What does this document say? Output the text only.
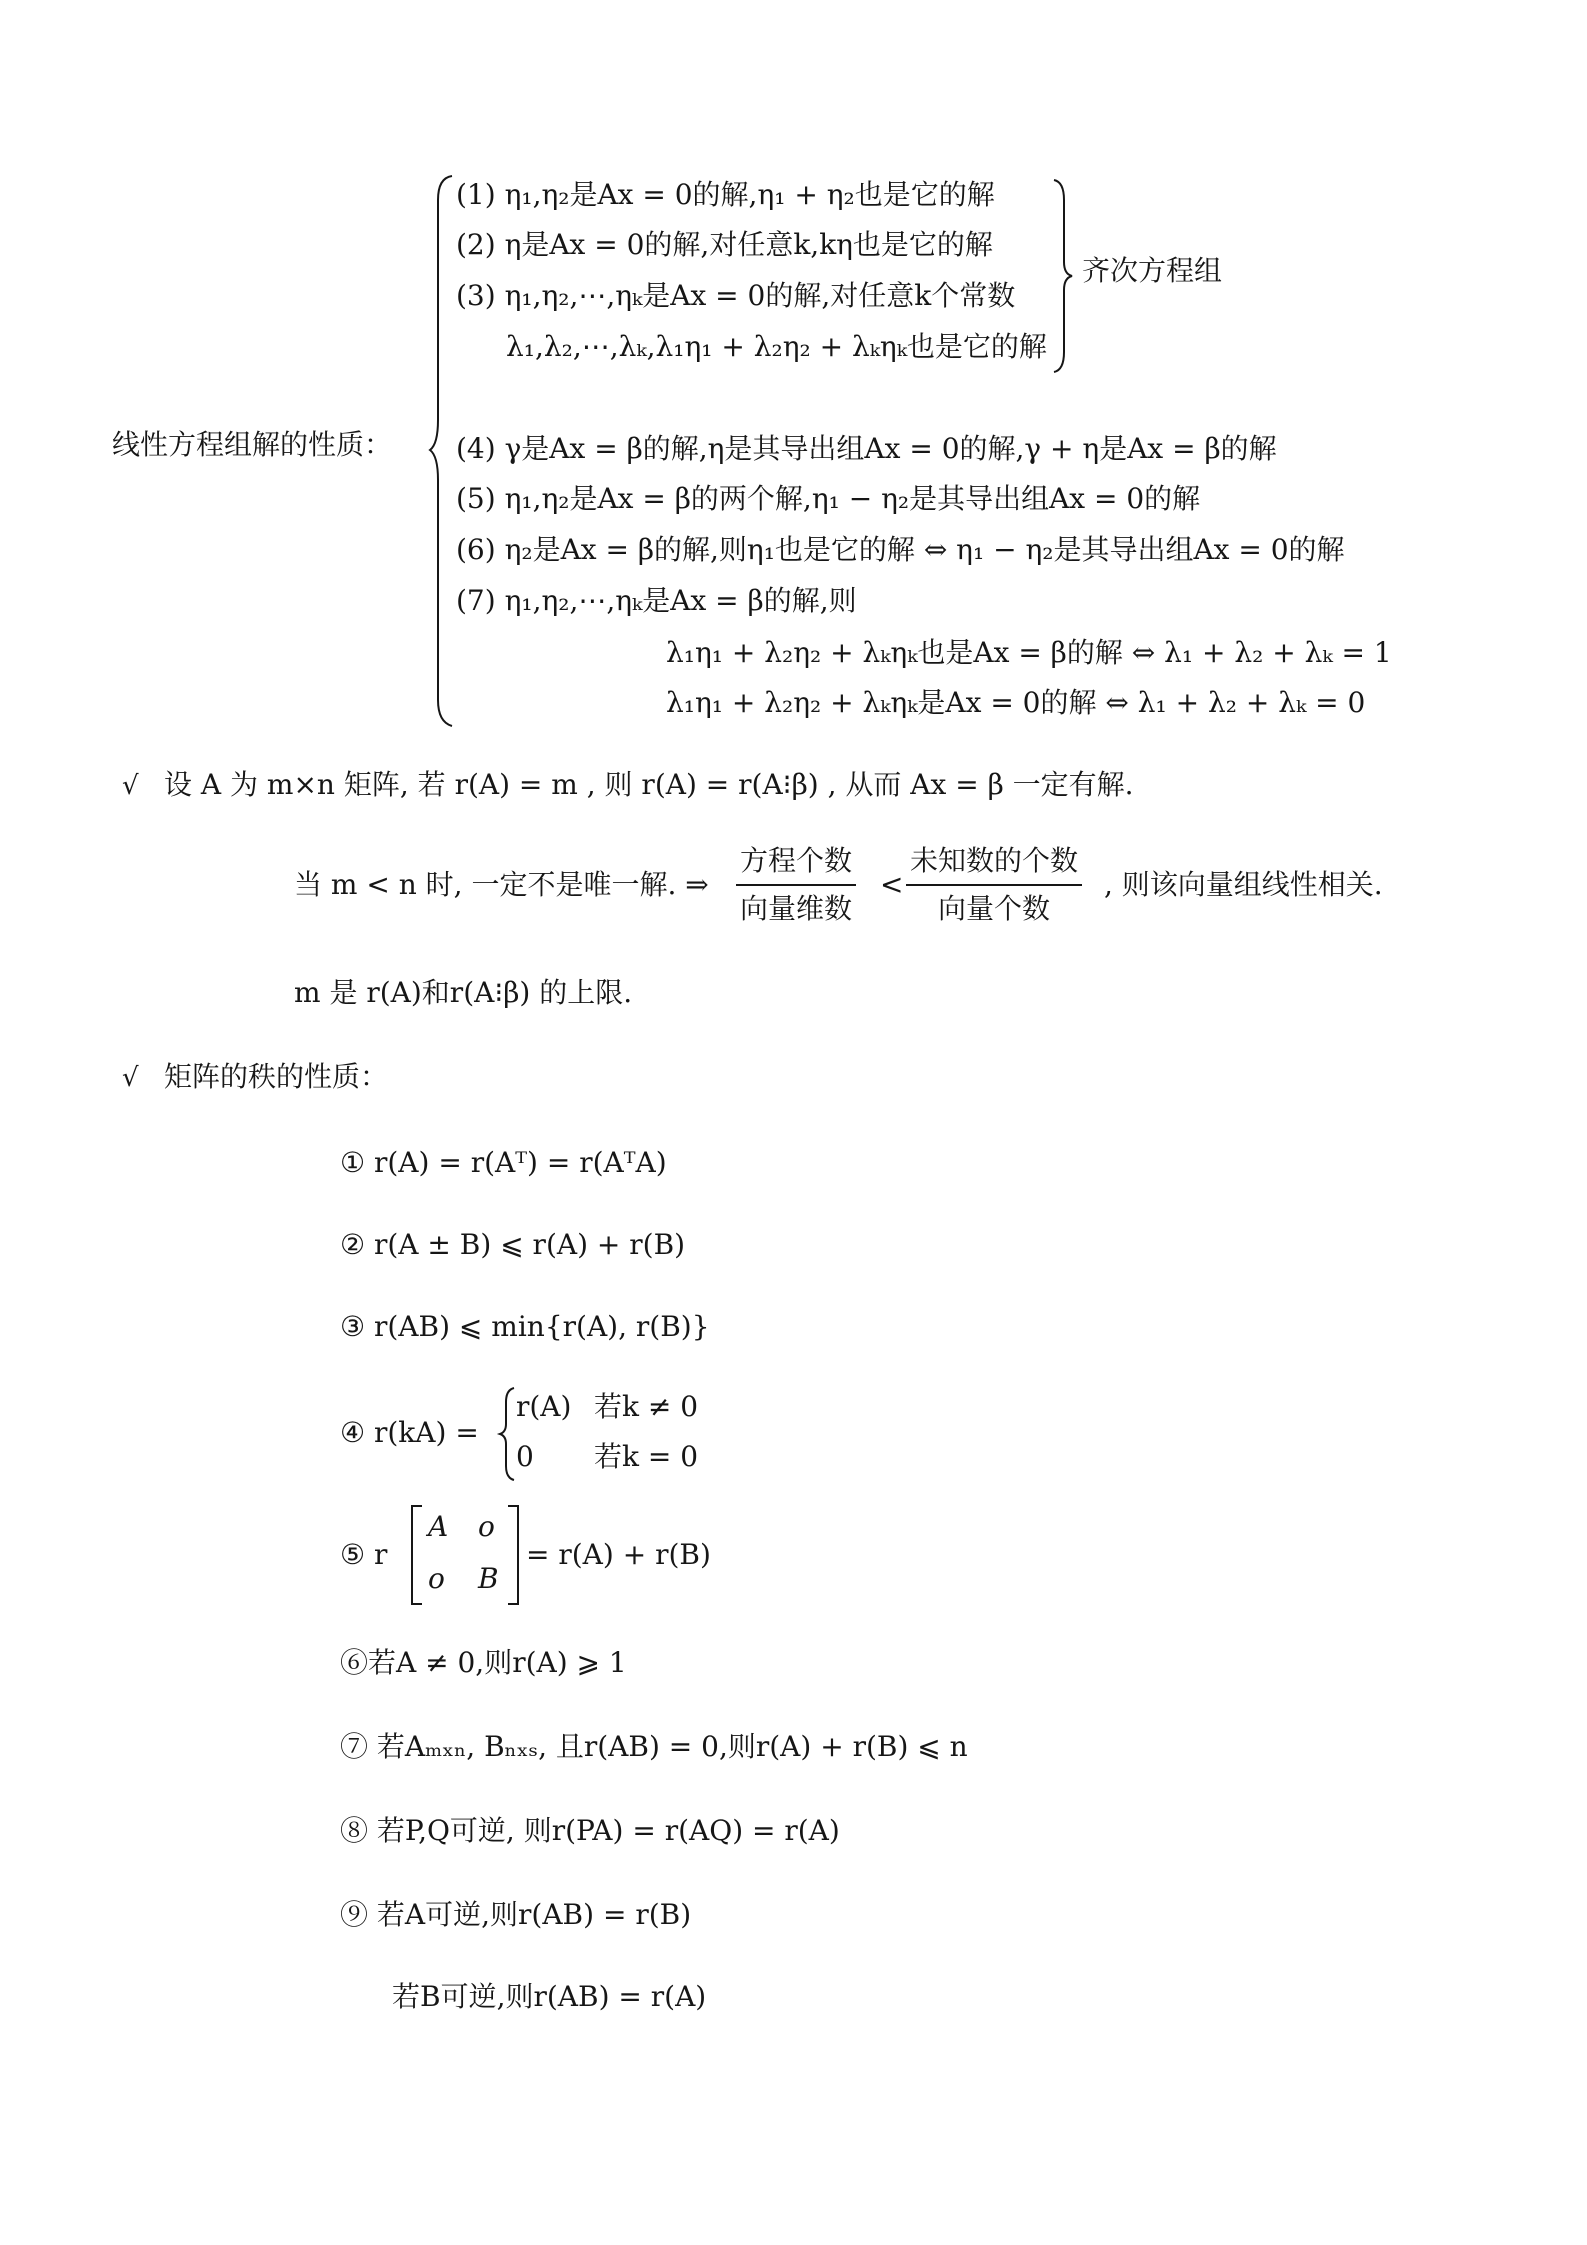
线性方程组解的性质：
齐次方程组
(1) η₁,η₂是Ax = 0的解,η₁ + η₂也是它的解
(2) η是Ax = 0的解,对任意k,kη也是它的解
(3) η₁,η₂,⋯,ηₖ是Ax = 0的解,对任意k个常数
λ₁,λ₂,⋯,λₖ,λ₁η₁ + λ₂η₂ + λₖηₖ也是它的解
(4) γ是Ax = β的解,η是其导出组Ax = 0的解,γ + η是Ax = β的解
(5) η₁,η₂是Ax = β的两个解,η₁ − η₂是其导出组Ax = 0的解
(6) η₂是Ax = β的解,则η₁也是它的解 ⇔ η₁ − η₂是其导出组Ax = 0的解
(7) η₁,η₂,⋯,ηₖ是Ax = β的解,则
λ₁η₁ + λ₂η₂ + λₖηₖ也是Ax = β的解 ⇔ λ₁ + λ₂ + λₖ = 1
λ₁η₁ + λ₂η₂ + λₖηₖ是Ax = 0的解 ⇔ λ₁ + λ₂ + λₖ = 0
√ 设 A 为 m×n 矩阵, 若 r(A) = m , 则 r(A) = r(A⁝β) , 从而 Ax = β 一定有解.
当 m < n 时, 一定不是唯一解. ⇒
方程个数
向量维数
<
未知数的个数
向量个数
, 则该向量组线性相关.
m 是 r(A)和r(A⁝β) 的上限.
√ 矩阵的秩的性质：
① r(A) = r(Aᵀ) = r(AᵀA)
② r(A ± B) ⩽ r(A) + r(B)
③ r(AB) ⩽ min{r(A), r(B)}
④ r(kA) =
r(A) 若k ≠ 0
0 若k = 0
⑤ r
A o
o B
= r(A) + r(B)
⑥若A ≠ 0,则r(A) ⩾ 1
⑦ 若Aₘₓₙ, Bₙₓₛ, 且r(AB) = 0,则r(A) + r(B) ⩽ n
⑧ 若P,Q可逆, 则r(PA) = r(AQ) = r(A)
⑨ 若A可逆,则r(AB) = r(B)
若B可逆,则r(AB) = r(A)
